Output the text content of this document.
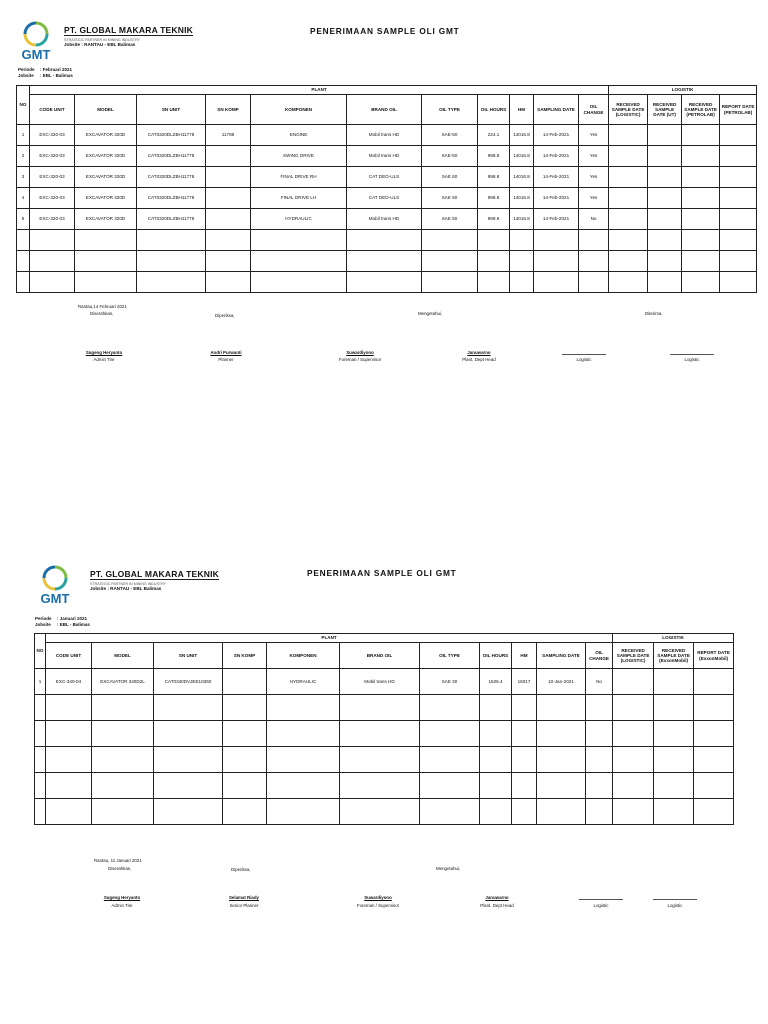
GMT
PT. GLOBAL MAKARA TEKNIK
STRATEGIC PARTNER IN MINING INDUSTRY
Jobsite : RANTAU - EBL Balimas
PENERIMAAN SAMPLE OLI GMT
Periode : Februari 2021
Jobsite : EBL - Balimas
NO	PLANT											LOGISTIK			
	CODE UNIT	MODEL	SN UNIT	SN KOMP	KOMPONEN	BRAND OIL	OIL TYPE	OIL HOURS	HM	SAMPLING DATE	OIL CHANGE	RECEIVED SAMPLE DATE (LOGISTIC)	RECEIVED SAMPLE DATE (UT)	RECEIVED SAMPLE DATE (PETROLAB)	REPORT DATE (PETROLAB)
1	EXC-320-03	EXCAVATOR 320D	CAT0320DLZBH11778	11788	ENGINE	Mobil trans HD	SAE-50	224.1	14016.8	14-Feb-2021	Yes				
2	EXC-320-03	EXCAVATOR 320D	CAT0320DLZBH11778		SWING DRIVE	Mobil trans HD	SAE-50	998.8	14016.8	14-Feb-2021	Yes				
3	EXC-320-03	EXCAVATOR 320D	CAT0320DLZBH11778		FINAL DRIVE RH	CAT DEO-ULS	SAE 60	998.8	14016.8	14-Feb-2021	Yes				
4	EXC-320-03	EXCAVATOR 320D	CAT0320DLZBH11778		FINAL DRIVE LH	CAT DEO-ULS	SAE 60	998.8	14016.8	14-Feb-2021	Yes				
5	EXC-320-03	EXCAVATOR 320D	CAT0320DLZBH11778		HYDRAULIC	Mobil trans HD	SAE 50	998.8	14016.8	14-Feb-2021	No				

Rantau,14 Februari 2021
Diserahkan,	Diperiksa,	Mengetahui,	Diterima,
Sugeng Heryanto
Admin Tire
Andri Purwanti
Planner
Suwardiyono
Foreman / Supervisor
Januwarno
Plant. Dept Head	Logistic	Logistic
GMT
PT. GLOBAL MAKARA TEKNIK
STRATEGIC PARTNER IN MINING INDUSTRY
Jobsite : RANTAU - EBL Balimas
PENERIMAAN SAMPLE OLI GMT
Periode : Januari 2021
Jobsite : EBL - Balimas
NO	PLANT											LOGISTIK		
	CODE UNIT	MODEL	SN UNIT	SN KOMP	KOMPONEN	BRAND OIL	OIL TYPE	OIL HOURS	HM	SAMPLING DATE	OIL CHANGE	RECEIVED SAMPLE DATE (LOGISTIC)	RECEIVED SAMPLE DATE (ExxonMobil)	REPORT DATE (ExxonMobil)
1	EXC-340-04	EXCAVATOR 340D2L	CAT0340DVJEE10360		HYDRAULIC	Mobil trans HD	SAE 30	1526.4	16017	10-Jan-2021	No			

Rantau, 11 Januari 2021
Diserahkan,	Diperiksa,	Mengetahui,
Sugeng Heryanto
Admin Tire
Selamat Riady
Senior Planner
Suwardiyono
Foreman / Supervisor
Januwarno
Plant. Dept Head	Logistic	Logistic
